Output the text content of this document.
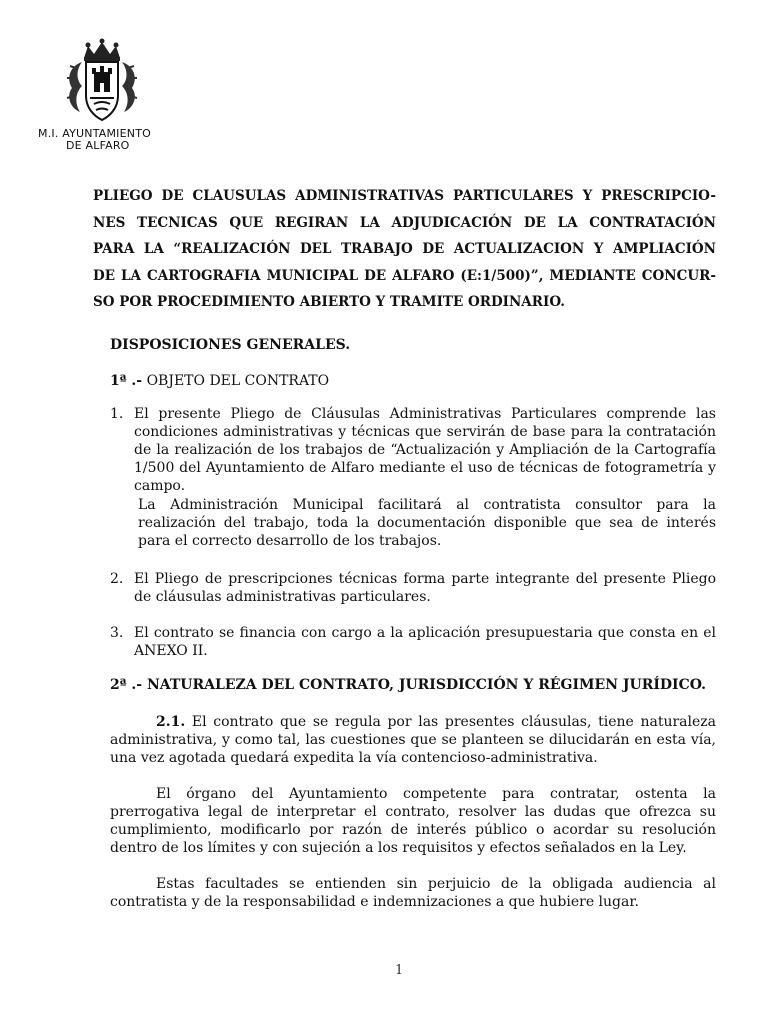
M.I. AYUNTAMIENTO
DE ALFARO
PLIEGO DE CLAUSULAS ADMINISTRATIVAS PARTICULARES Y PRESCRIPCIO-
NES TECNICAS QUE REGIRAN LA ADJUDICACIÓN DE LA CONTRATACIÓN
PARA LA “REALIZACIÓN DEL TRABAJO DE ACTUALIZACION Y AMPLIACIÓN
DE LA CARTOGRAFIA MUNICIPAL DE ALFARO (E:1/500)”, MEDIANTE CONCUR-
SO POR PROCEDIMIENTO ABIERTO Y TRAMITE ORDINARIO.
DISPOSICIONES GENERALES.
1ª .- OBJETO DEL CONTRATO
1. El presente Pliego de Cláusulas Administrativas Particulares comprende las condiciones administrativas y técnicas que servirán de base para la contratación de la realización de los trabajos de “Actualización y Ampliación de la Cartografía 1/500 del Ayuntamiento de Alfaro mediante el uso de técnicas de fotogrametría y campo.
La Administración Municipal facilitará al contratista consultor para la realización del trabajo, toda la documentación disponible que sea de interés para el correcto desarrollo de los trabajos.
2. El Pliego de prescripciones técnicas forma parte integrante del presente Pliego de cláusulas administrativas particulares.
3. El contrato se financia con cargo a la aplicación presupuestaria que consta en el ANEXO II.
2ª .- NATURALEZA DEL CONTRATO, JURISDICCIÓN Y RÉGIMEN JURÍDICO.
2.1. El contrato que se regula por las presentes cláusulas, tiene naturaleza administrativa, y como tal, las cuestiones que se planteen se dilucidarán en esta vía, una vez agotada quedará expedita la vía contencioso-administrativa.
El órgano del Ayuntamiento competente para contratar, ostenta la prerrogativa legal de interpretar el contrato, resolver las dudas que ofrezca su cumplimiento, modificarlo por razón de interés público o acordar su resolución dentro de los límites y con sujeción a los requisitos y efectos señalados en la Ley.
Estas facultades se entienden sin perjuicio de la obligada audiencia al contratista y de la responsabilidad e indemnizaciones a que hubiere lugar.
1
